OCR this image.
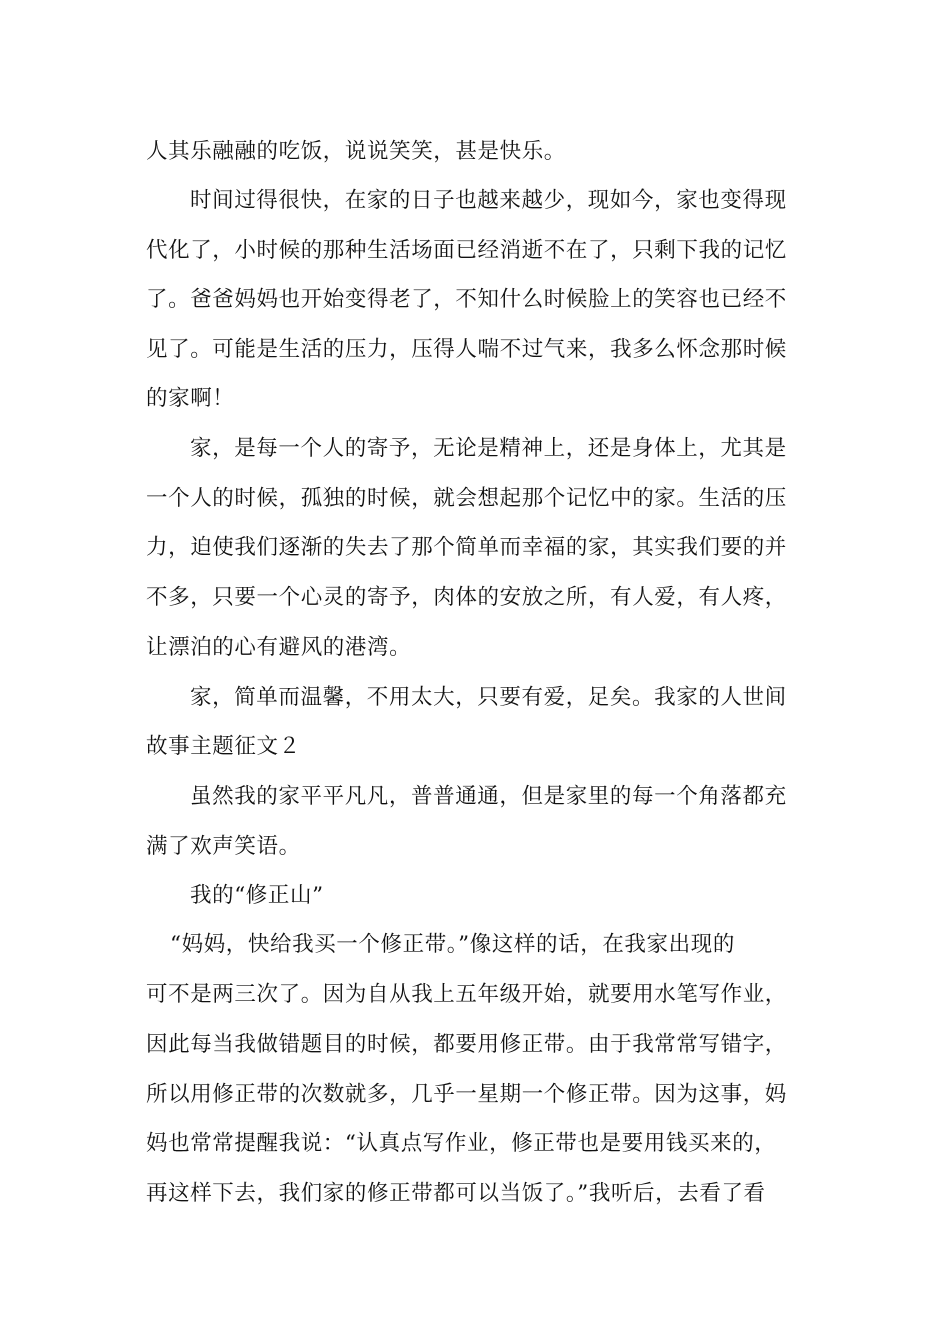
人其乐融融的吃饭，说说笑笑，甚是快乐。
时间过得很快，在家的日子也越来越少，现如今，家也变得现
代化了，小时候的那种生活场面已经消逝不在了，只剩下我的记忆
了。爸爸妈妈也开始变得老了，不知什么时候脸上的笑容也已经不
见了。可能是生活的压力，压得人喘不过气来，我多么怀念那时候
的家啊！
家，是每一个人的寄予，无论是精神上，还是身体上，尤其是
一个人的时候，孤独的时候，就会想起那个记忆中的家。生活的压
力，迫使我们逐渐的失去了那个简单而幸福的家，其实我们要的并
不多，只要一个心灵的寄予，肉体的安放之所，有人爱，有人疼，
让漂泊的心有避风的港湾。
家，简单而温馨，不用太大，只要有爱，足矣。我家的人世间
故事主题征文２
虽然我的家平平凡凡，普普通通，但是家里的每一个角落都充
满了欢声笑语。
我的“修正山”
“妈妈，快给我买一个修正带。”像这样的话，在我家出现的
可不是两三次了。因为自从我上五年级开始，就要用水笔写作业，
因此每当我做错题目的时候，都要用修正带。由于我常常写错字，
所以用修正带的次数就多，几乎一星期一个修正带。因为这事，妈
妈也常常提醒我说：“认真点写作业，修正带也是要用钱买来的，
再这样下去，我们家的修正带都可以当饭了。”我听后，去看了看
